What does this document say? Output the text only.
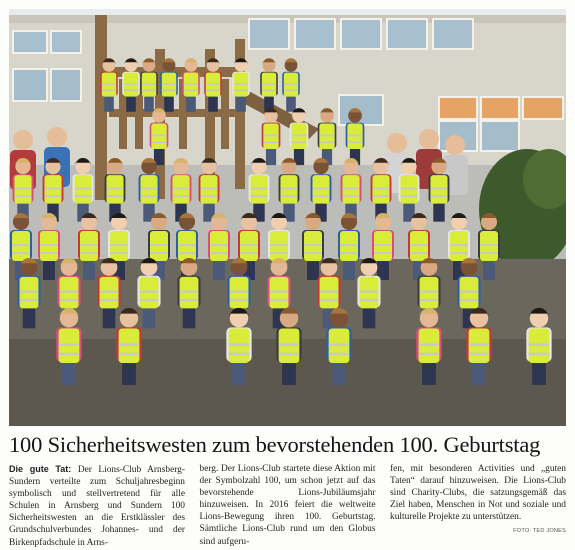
100 Sicherheitswesten zum bevorstehenden 100. Geburtstag

Die gute Tat: Der Lions-Club Arnsberg-Sundern verteilte zum Schuljahresbeginn symbolisch und stellvertretend für alle Schulen in Arnsberg und Sundern 100 Sicherheitswesten an die Erstklässler des Grundschulverbundes Johannes- und der Birkenpfadschule in Arns-

berg. Der Lions-Club startete diese Aktion mit der Symbolzahl 100, um schon jetzt auf das bevorstehende Lions-Jubiläumsjahr hinzuweisen. In 2016 feiert die weltweite Lions-Bewegung ihren 100. Geburtstag. Sämtliche Lions-Club rund um den Globus sind aufgeru-

fen, mit besonderen Activities und „guten Taten“ darauf hinzuweisen. Die Lions-Club sind Charity-Clubs, die satzungsgemäß das Ziel haben, Menschen in Not und soziale und kulturelle Projekte zu unterstützen.

FOTO: TED JONES
